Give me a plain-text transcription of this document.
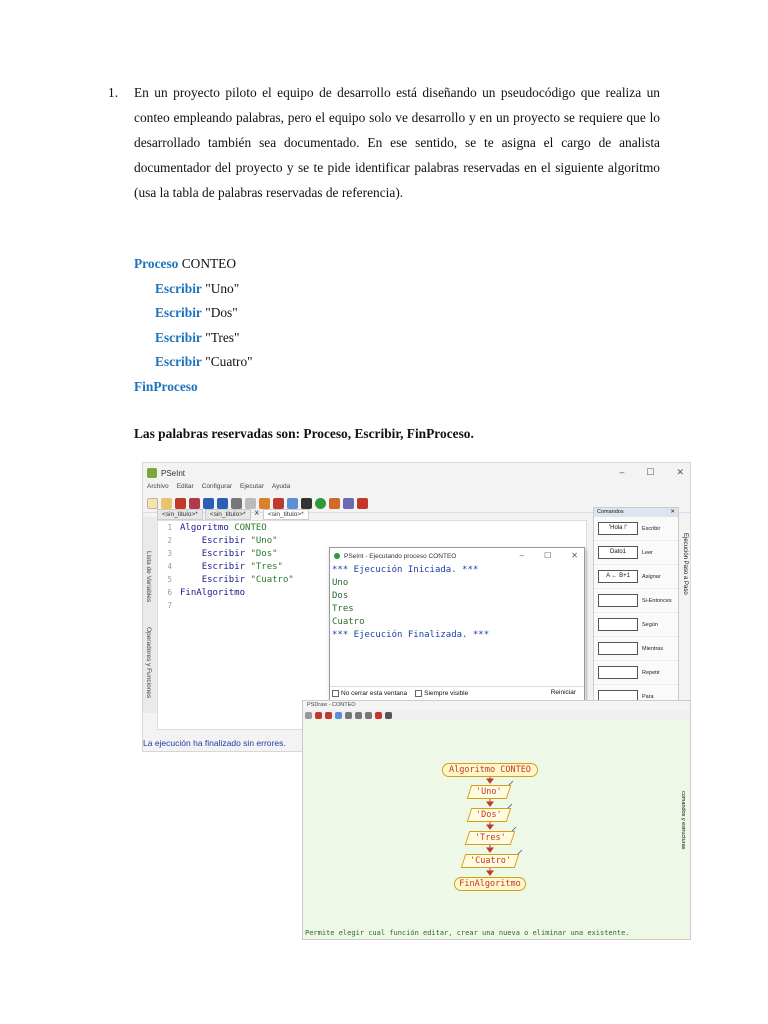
1. En un proyecto piloto el equipo de desarrollo está diseñando un pseudocódigo que realiza un conteo empleando palabras, pero el equipo solo ve desarrollo y en un proyecto se requiere que lo desarrollado también sea documentado. En ese sentido, se te asigna el cargo de analista documentador del proyecto y se te pide identificar palabras reservadas en el siguiente algoritmo (usa la tabla de palabras reservadas de referencia).
Proceso CONTEO
Escribir "Uno"
Escribir "Dos"
Escribir "Tres"
Escribir "Cuatro"
FinProceso
Las palabras reservadas son: Proceso, Escribir, FinProceso.
PSeInt	– ☐ ✕
Archivo Editar Configurar Ejecutar Ayuda
<sin_titulo>*	<sin_titulo>*	X	<sin_titulo>*
Lista de Variables
Operadores y Funciones
1 Algoritmo CONTEO
2	Escribir "Uno"
3	Escribir "Dos"
4	Escribir "Tres"
5	Escribir "Cuatro"
6 FinAlgoritmo
7
La ejecución ha finalizado sin errores.
Comandos	✕
'Hola !'	Escribir
Dato1	Leer
A ← B+1	Asignar
Si-Entonces
Según
Mientras
Repetir
Para
Ejecución Paso a Paso
PSeInt - Ejecutando proceso CONTEO	–	☐	✕
*** Ejecución Iniciada. ***
Uno
Dos
Tres
Cuatro
*** Ejecución Finalizada. ***
No cerrar esta ventana	Siempre visible	Reiniciar
PSDraw - CONTEO
Algoritmo CONTEO
'Uno'
'Dos'
'Tres'
'Cuatro'
FinAlgoritmo
comandos y estructuras
Permite elegir cual función editar, crear una nueva o eliminar una existente.
